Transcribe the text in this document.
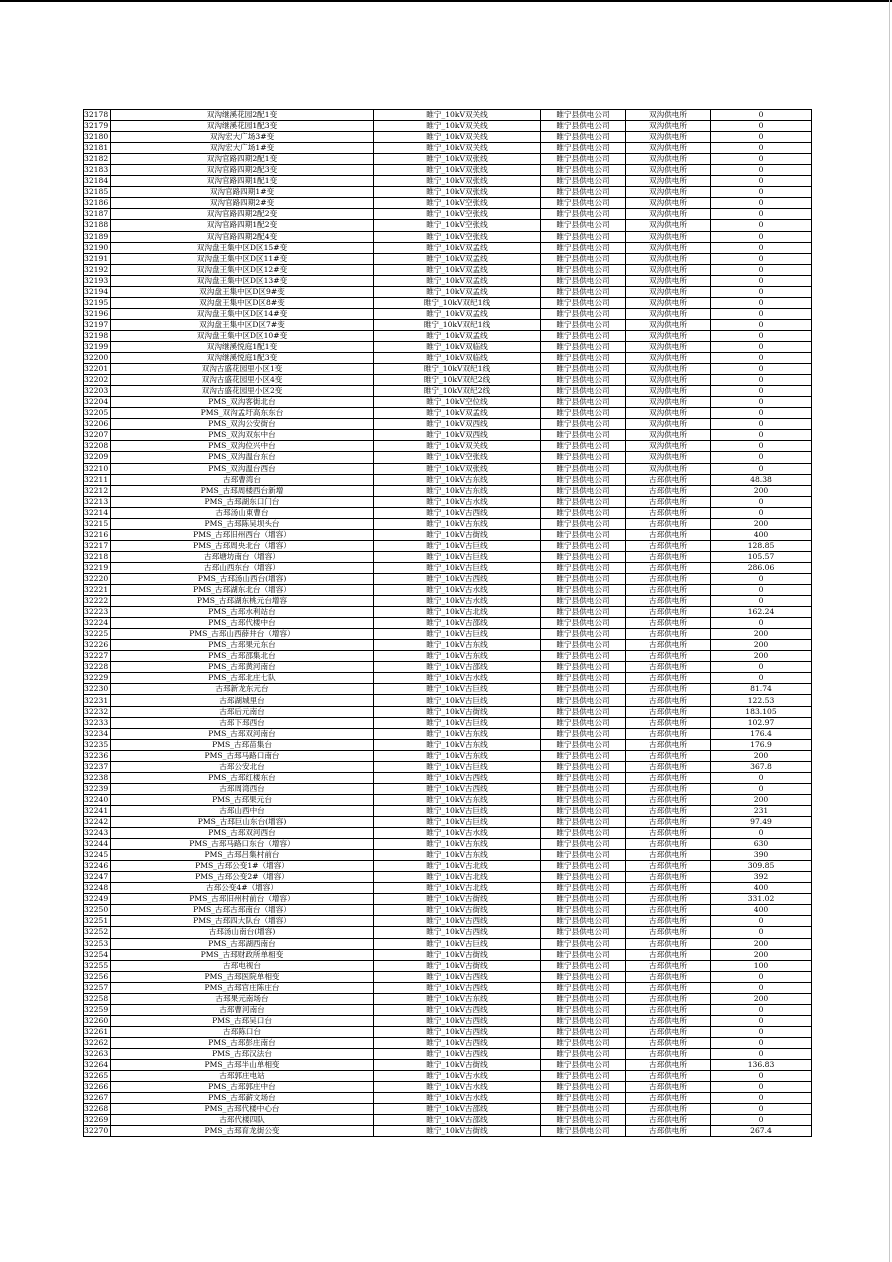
32178	双沟继溪花园2配1变	睢宁_10kV双关线	睢宁县供电公司	双沟供电所	0
32179	双沟继溪花园1配3变	睢宁_10kV双关线	睢宁县供电公司	双沟供电所	0
32180	双沟宏大广场3#变	睢宁_10kV双关线	睢宁县供电公司	双沟供电所	0
32181	双沟宏大广场1#变	睢宁_10kV双关线	睢宁县供电公司	双沟供电所	0
32182	双沟官路四期2配1变	睢宁_10kV双张线	睢宁县供电公司	双沟供电所	0
32183	双沟官路四期2配3变	睢宁_10kV双张线	睢宁县供电公司	双沟供电所	0
32184	双沟官路四期1配1变	睢宁_10kV双张线	睢宁县供电公司	双沟供电所	0
32185	双沟官路四期1#变	睢宁_10kV双张线	睢宁县供电公司	双沟供电所	0
32186	双沟官路四期2#变	睢宁_10kV空张线	睢宁县供电公司	双沟供电所	0
32187	双沟官路四期2配2变	睢宁_10kV空张线	睢宁县供电公司	双沟供电所	0
32188	双沟官路四期1配2变	睢宁_10kV空张线	睢宁县供电公司	双沟供电所	0
32189	双沟官路四期2配4变	睢宁_10kV空张线	睢宁县供电公司	双沟供电所	0
32190	双沟盘王集中区D区15#变	睢宁_10kV双孟线	睢宁县供电公司	双沟供电所	0
32191	双沟盘王集中区D区11#变	睢宁_10kV双孟线	睢宁县供电公司	双沟供电所	0
32192	双沟盘王集中区D区12#变	睢宁_10kV双孟线	睢宁县供电公司	双沟供电所	0
32193	双沟盘王集中区D区13#变	睢宁_10kV双孟线	睢宁县供电公司	双沟供电所	0
32194	双沟盘王集中区D区9#变	睢宁_10kV双孟线	睢宁县供电公司	双沟供电所	0
32195	双沟盘王集中区D区8#变	睢宁_10kV双纪1线	睢宁县供电公司	双沟供电所	0
32196	双沟盘王集中区D区14#变	睢宁_10kV双孟线	睢宁县供电公司	双沟供电所	0
32197	双沟盘王集中区D区7#变	睢宁_10kV双纪1线	睢宁县供电公司	双沟供电所	0
32198	双沟盘王集中区D区10#变	睢宁_10kV双孟线	睢宁县供电公司	双沟供电所	0
32199	双沟继溪悦庭1配1变	睢宁_10kV双临线	睢宁县供电公司	双沟供电所	0
32200	双沟继溪悦庭1配3变	睢宁_10kV双临线	睢宁县供电公司	双沟供电所	0
32201	双沟古盛花园里小区1变	睢宁_10kV双纪1线	睢宁县供电公司	双沟供电所	0
32202	双沟古盛花园里小区4变	睢宁_10kV双纪2线	睢宁县供电公司	双沟供电所	0
32203	双沟古盛花园里小区2变	睢宁_10kV双纪2线	睢宁县供电公司	双沟供电所	0
32204	PMS_双沟客街北台	睢宁_10kV空位线	睢宁县供电公司	双沟供电所	0
32205	PMS_双沟孟圩高东东台	睢宁_10kV双孟线	睢宁县供电公司	双沟供电所	0
32206	PMS_双沟公安街台	睢宁_10kV双西线	睢宁县供电公司	双沟供电所	0
32207	PMS_双沟双东中台	睢宁_10kV双西线	睢宁县供电公司	双沟供电所	0
32208	PMS_双沟位兴中台	睢宁_10kV双关线	睢宁县供电公司	双沟供电所	0
32209	PMS_双沟温台东台	睢宁_10kV空张线	睢宁县供电公司	双沟供电所	0
32210	PMS_双沟温台西台	睢宁_10kV双张线	睢宁县供电公司	双沟供电所	0
32211	古邳曹湾台	睢宁_10kV古东线	睢宁县供电公司	古邳供电所	48.38
32212	PMS_古邳周楼西台新增	睢宁_10kV古东线	睢宁县供电公司	古邳供电所	200
32213	PMS_古邳湖东口门台	睢宁_10kV古水线	睢宁县供电公司	古邳供电所	0
32214	古邳汤山東曹台	睢宁_10kV古西线	睢宁县供电公司	古邳供电所	0
32215	PMS_古邳陈吴坝头台	睢宁_10kV古东线	睢宁县供电公司	古邳供电所	200
32216	PMS_古邳旧州西台（增容）	睢宁_10kV古街线	睢宁县供电公司	古邳供电所	400
32217	PMS_古邳周央北台（增容）	睢宁_10kV古巨线	睢宁县供电公司	古邳供电所	128.85
32218	古邳塘坊南台（增容）	睢宁_10kV古巨线	睢宁县供电公司	古邳供电所	105.57
32219	古邳山西东台（增容）	睢宁_10kV古巨线	睢宁县供电公司	古邳供电所	286.06
32220	PMS_古邳汤山西台(增容)	睢宁_10kV古西线	睢宁县供电公司	古邳供电所	0
32221	PMS_古邳湖东北台（增容）	睢宁_10kV古水线	睢宁县供电公司	古邳供电所	0
32222	PMS_古邳湖东桃元台增容	睢宁_10kV古水线	睢宁县供电公司	古邳供电所	0
32223	PMS_古邳水利站台	睢宁_10kV古北线	睢宁县供电公司	古邳供电所	162.24
32224	PMS_古邳代楼中台	睢宁_10kV古邵线	睢宁县供电公司	古邳供电所	0
32225	PMS_古邳山西薛井台（增容）	睢宁_10kV古巨线	睢宁县供电公司	古邳供电所	200
32226	PMS_古邳果元东台	睢宁_10kV古东线	睢宁县供电公司	古邳供电所	200
32227	PMS_古邳邵集北台	睢宁_10kV古东线	睢宁县供电公司	古邳供电所	200
32228	PMS_古邳黄河南台	睢宁_10kV古邵线	睢宁县供电公司	古邳供电所	0
32229	PMS_古邳北庄七队	睢宁_10kV古水线	睢宁县供电公司	古邳供电所	0
32230	古邳新龙东元台	睢宁_10kV古巨线	睢宁县供电公司	古邳供电所	81.74
32231	古邳湖城里台	睢宁_10kV古巨线	睢宁县供电公司	古邳供电所	122.53
32232	古邳后元南台	睢宁_10kV古街线	睢宁县供电公司	古邳供电所	183.105
32233	古邳下邳西台	睢宁_10kV古巨线	睢宁县供电公司	古邳供电所	102.97
32234	PMS_古邳双河南台	睢宁_10kV古东线	睢宁县供电公司	古邳供电所	176.4
32235	PMS_古邳苗集台	睢宁_10kV古东线	睢宁县供电公司	古邳供电所	176.9
32236	PMS_古邳马路口南台	睢宁_10kV古东线	睢宁县供电公司	古邳供电所	200
32237	古邳公安北台	睢宁_10kV古巨线	睢宁县供电公司	古邳供电所	367.8
32238	PMS_古邳红楼东台	睢宁_10kV古西线	睢宁县供电公司	古邳供电所	0
32239	古邳周湾西台	睢宁_10kV古西线	睢宁县供电公司	古邳供电所	0
32240	PMS_古邳果元台	睢宁_10kV古东线	睢宁县供电公司	古邳供电所	200
32241	古邳山西中台	睢宁_10kV古巨线	睢宁县供电公司	古邳供电所	231
32242	PMS_古邳巨山东台(增容)	睢宁_10kV古巨线	睢宁县供电公司	古邳供电所	97.49
32243	PMS_古邳双河西台	睢宁_10kV古水线	睢宁县供电公司	古邳供电所	0
32244	PMS_古邳马路口东台（增容）	睢宁_10kV古东线	睢宁县供电公司	古邳供电所	630
32245	PMS_古邳吕集村前台	睢宁_10kV古东线	睢宁县供电公司	古邳供电所	390
32246	PMS_古邳公变1#（增容）	睢宁_10kV古北线	睢宁县供电公司	古邳供电所	309.85
32247	PMS_古邳公变2#（增容）	睢宁_10kV古北线	睢宁县供电公司	古邳供电所	392
32248	古邳公变4#（增容）	睢宁_10kV古北线	睢宁县供电公司	古邳供电所	400
32249	PMS_古邳旧州村前台（增容）	睢宁_10kV古街线	睢宁县供电公司	古邳供电所	331.02
32250	PMS_古邳古邳南台（增容）	睢宁_10kV古街线	睢宁县供电公司	古邳供电所	400
32251	PMS_古邳四大队台（增容）	睢宁_10kV古西线	睢宁县供电公司	古邳供电所	0
32252	古邳汤山南台(增容)	睢宁_10kV古西线	睢宁县供电公司	古邳供电所	0
32253	PMS_古邳湖西南台	睢宁_10kV古巨线	睢宁县供电公司	古邳供电所	200
32254	PMS_古邳财政所单相变	睢宁_10kV古街线	睢宁县供电公司	古邳供电所	200
32255	古邳电视台	睢宁_10kV古街线	睢宁县供电公司	古邳供电所	100
32256	PMS_古邳医院单相变	睢宁_10kV古西线	睢宁县供电公司	古邳供电所	0
32257	PMS_古邳官庄陈庄台	睢宁_10kV古西线	睢宁县供电公司	古邳供电所	0
32258	古邳果元南场台	睢宁_10kV古东线	睢宁县供电公司	古邳供电所	200
32259	古邳曹河南台	睢宁_10kV古西线	睢宁县供电公司	古邳供电所	0
32260	PMS_古邳吴口台	睢宁_10kV古西线	睢宁县供电公司	古邳供电所	0
32261	古邳陈口台	睢宁_10kV古西线	睢宁县供电公司	古邳供电所	0
32262	PMS_古邳彭庄南台	睢宁_10kV古西线	睢宁县供电公司	古邳供电所	0
32263	PMS_古邳汉法台	睢宁_10kV古西线	睢宁县供电公司	古邳供电所	0
32264	PMS_古邳半山单相变	睢宁_10kV古街线	睢宁县供电公司	古邳供电所	136.83
32265	古邳郭庄电站	睢宁_10kV古水线	睢宁县供电公司	古邳供电所	0
32266	PMS_古邳郭庄中台	睢宁_10kV古水线	睢宁县供电公司	古邳供电所	0
32267	PMS_古邳薪文场台	睢宁_10kV古水线	睢宁县供电公司	古邳供电所	0
32268	PMS_古邳代楼中心台	睢宁_10kV古邵线	睢宁县供电公司	古邳供电所	0
32269	古邳代楼四队	睢宁_10kV古邵线	睢宁县供电公司	古邳供电所	0
32270	PMS_古邳育龙街公变	睢宁_10kV古街线	睢宁县供电公司	古邳供电所	267.4
